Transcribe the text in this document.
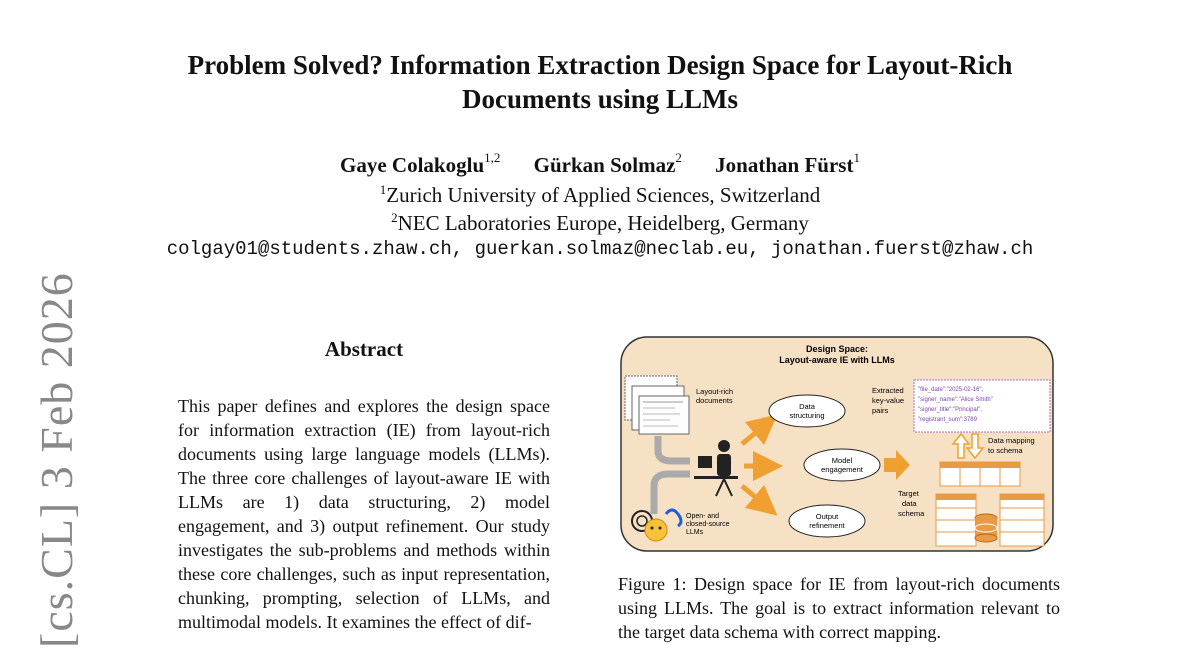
Problem Solved? Information Extraction Design Space for Layout-Rich
Documents using LLMs
Gaye Colakoglu$^{1,2}$ Gürkan Solmaz$^2$ Jonathan Fürst$^1$
$^1$Zurich University of Applied Sciences, Switzerland
$^2$NEC Laboratories Europe, Heidelberg, Germany
colgay01@students.zhaw.ch, guerkan.solmaz@neclab.eu, jonathan.fuerst@zhaw.ch
[cs.CL] 3 Feb 2026	Abstract
This paper defines and explores the design space for information extraction (IE) from layout-rich documents using large language models (LLMs). The three core challenges of layout-aware IE with LLMs are 1) data structuring, 2) model engagement, and 3) output refinement. Our study investigates the sub-problems and methods within these core challenges, such as input representation, chunking, prompting, selection of LLMs, and multimodal models. It examines the effect of dif-
Design Space:
Layout-aware IE with LLMs
Layout-rich
documents
Open- and
closed-source
LLMs
Data
structuring
Model
engagement
Output
refinement
Extracted
key-value
pairs
"file_date":"2025-02-16",
"signer_name":"Alice Smith"
"signer_title":"Principal",
"registrant_sum":3789
Data mapping
to schema
Target
data
schema
Figure 1: Design space for IE from layout-rich documents using LLMs. The goal is to extract information relevant to the target data schema with correct mapping.
